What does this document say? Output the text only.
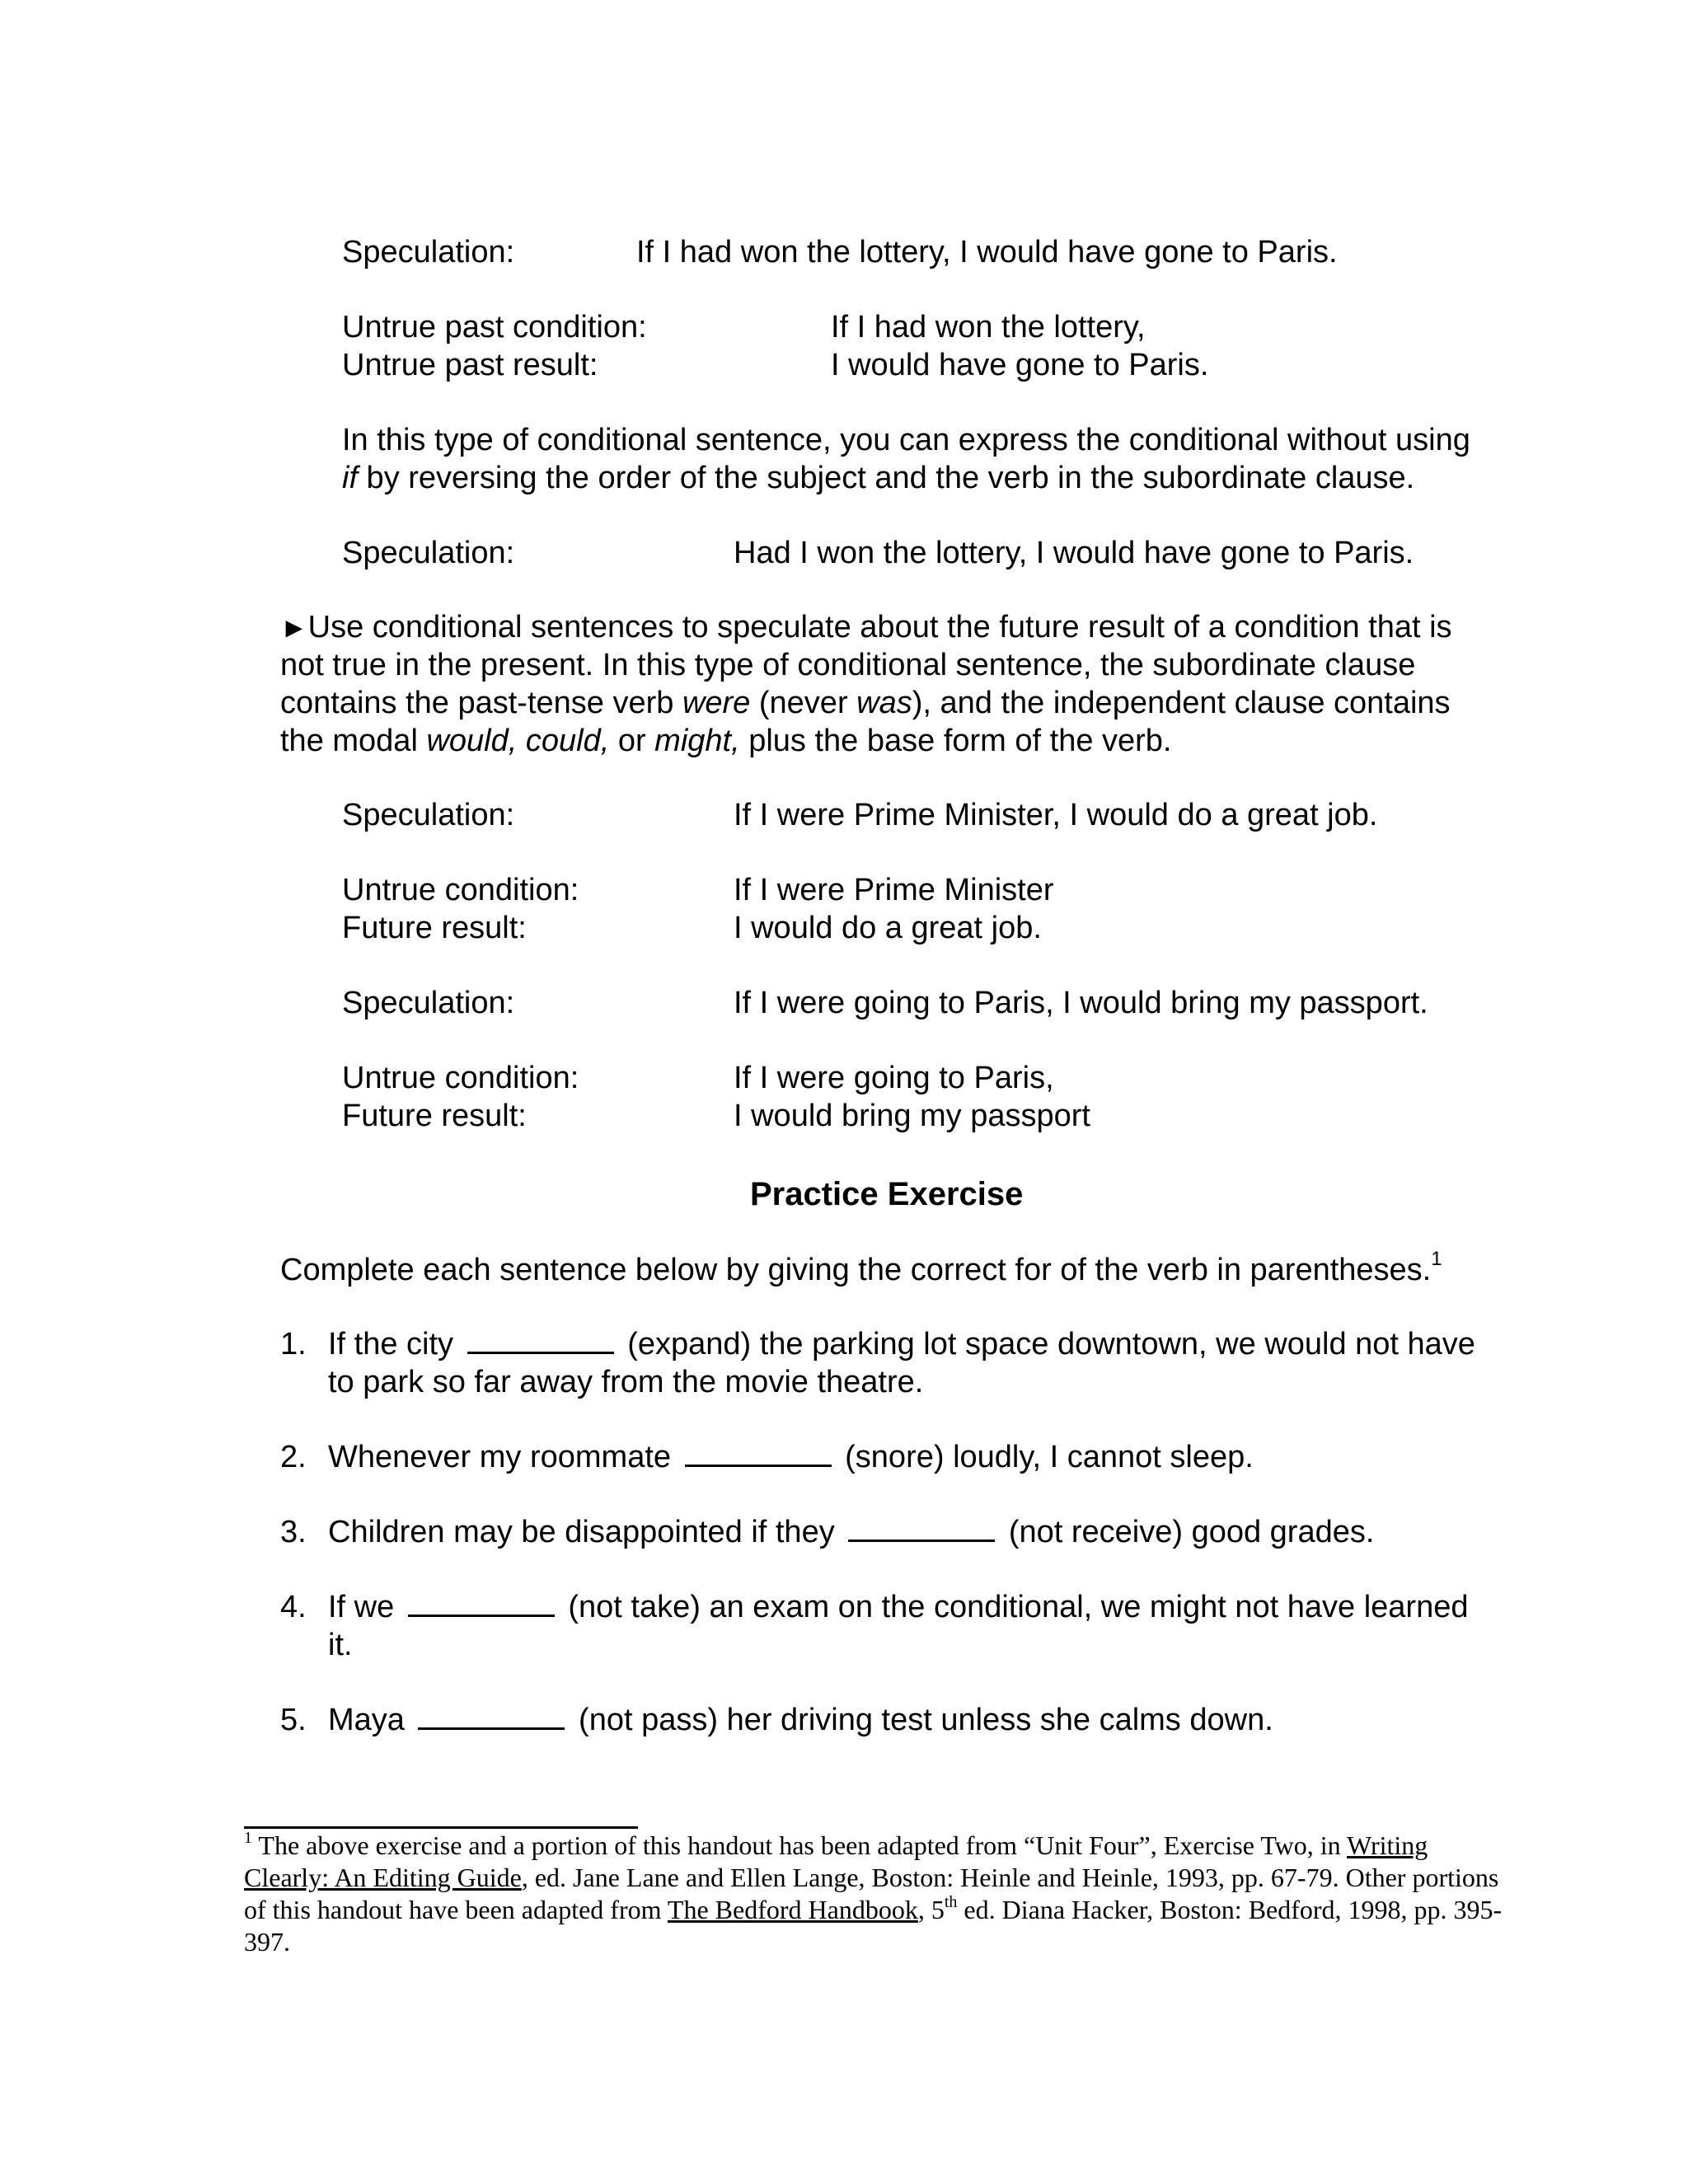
Speculation:	If I had won the lottery, I would have gone to Paris.
Untrue past condition:	If I had won the lottery,
Untrue past result:	I would have gone to Paris.
In this type of conditional sentence, you can express the conditional without using
if by reversing the order of the subject and the verb in the subordinate clause.
Speculation:	Had I won the lottery, I would have gone to Paris.
►Use conditional sentences to speculate about the future result of a condition that is
not true in the present. In this type of conditional sentence, the subordinate clause
contains the past-tense verb were (never was), and the independent clause contains
the modal would, could, or might, plus the base form of the verb.
Speculation:	If I were Prime Minister, I would do a great job.
Untrue condition:	If I were Prime Minister
Future result:	I would do a great job.
Speculation:	If I were going to Paris, I would bring my passport.
Untrue condition:	If I were going to Paris,
Future result:	I would bring my passport
Practice Exercise
Complete each sentence below by giving the correct for of the verb in parentheses.$^1$
1. If the city	(expand) the parking lot space downtown, we would not have
to park so far away from the movie theatre.
2. Whenever my roommate	(snore) loudly, I cannot sleep.
3. Children may be disappointed if they	(not receive) good grades.
4. If we	(not take) an exam on the conditional, we might not have learned
it.
5. Maya	(not pass) her driving test unless she calms down.
$^1$ The above exercise and a portion of this handout has been adapted from “Unit Four”, Exercise Two, in Writing Clearly: An Editing Guide, ed. Jane Lane and Ellen Lange, Boston: Heinle and Heinle, 1993, pp. 67-79. Other portions of this handout have been adapted from The Bedford Handbook, 5th ed. Diana Hacker, Boston: Bedford, 1998, pp. 395-397.
